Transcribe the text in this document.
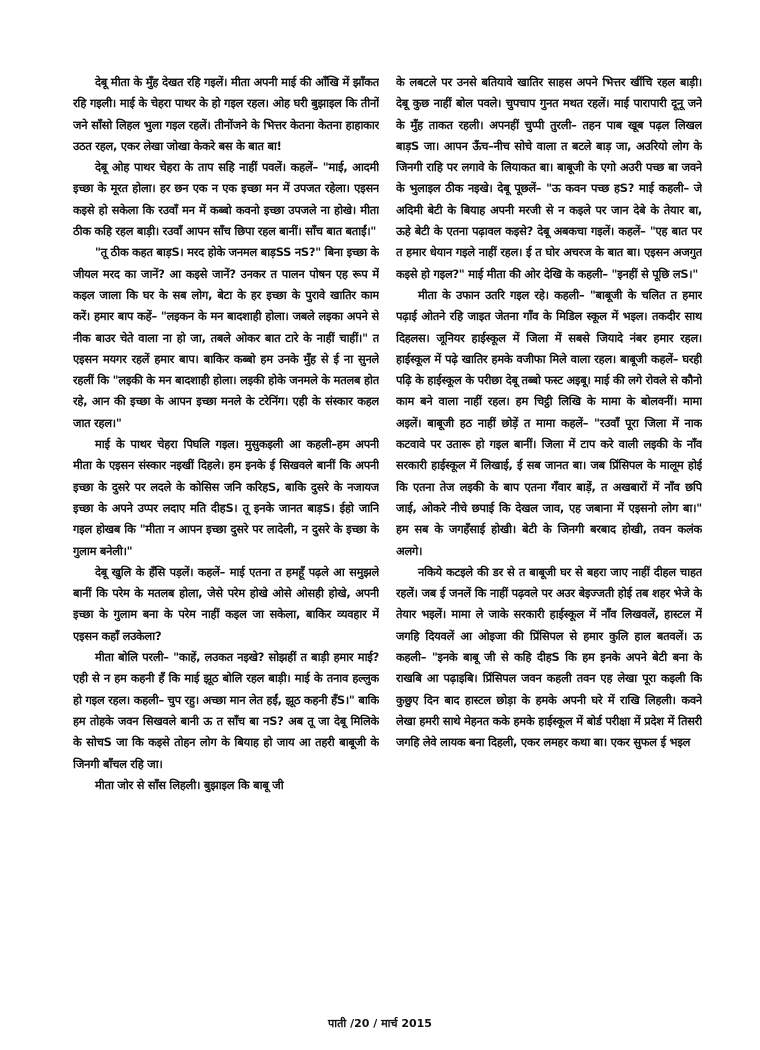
देबू मीता के मुँह देखत रहि गइलें। मीता अपनी माई की आँखि में झाँकत रहि गइली। माई के चेहरा पाथर के हो गइल रहल। ओह घरी बुझाइल कि तीनों जने साँसो लिहल भुला गइल रहलें। तीनोंजने के भित्तर केतना केतना हाहाकार उठत रहल, एकर लेखा जोखा केकरे बस के बात बा!

देबू ओह पाथर चेहरा के ताप सहि नाहीं पवलें। कहलें– "माई, आदमी इच्छा के मूरत होला। हर छन एक न एक इच्छा मन में उपजत रहेला। एइसन कइसे हो सकेला कि रउवाँ मन में कब्बो कवनो इच्छा उपजले ना होखे। मीता ठीक कहि रहल बाड़ी। रउवाँ आपन साँच छिपा रहल बानीं। साँच बात बताईं।"

"तू ठीक कहत बाड़S। मरद होके जनमल बाड़SS नS?" बिना इच्छा के जीयल मरद का जानें? आ कइसे जानें? उनकर त पालन पोषन एह रूप में कइल जाला कि घर के सब लोग, बेटा के हर इच्छा के पुरावे खातिर काम करें। हमार बाप कहें– "लइकन के मन बादशाही होला। जबले लइका अपने से नीक बाउर चेते वाला ना हो जा, तबले ओकर बात टारे के नाहीं चाहीं।" त एइसन मयगर रहलें हमार बाप। बाकिर कब्बो हम उनके मुँह से ई ना सुनले रहलीं कि "लइकी के मन बादशाही होला। लइकी होके जनमले के मतलब होत रहे, आन की इच्छा के आपन इच्छा मनले के टरेनिंग। एही के संस्कार कहल जात रहल।"

माई के पाथर चेहरा पिघलि गइल। मुसुकइली आ कहली–हम अपनी मीता के एइसन संस्कार नइखीं दिहले। हम इनके ई सिखवले बानीं कि अपनी इच्छा के दुसरे पर लदले के कोसिस जनि करिहS, बाकि दुसरे के नजायज इच्छा के अपने उप्पर लदाए मति दीहS। तू इनके जानत बाड़S। ईहो जानि गइल होखब कि "मीता न आपन इच्छा दुसरे पर लादेली, न दुसरे के इच्छा के गुलाम बनेली।"

देबू खुलि के हँसि पड़लें। कहलें– माई एतना त हमहूँ पढ़ले आ समुझले बानीं कि परेम के मतलब होला, जेसे परेम होखे ओसे ओसही होखे, अपनी इच्छा के गुलाम बना के परेम नाहीं कइल जा सकेला, बाकिर व्यवहार में एइसन कहाँ लउकेला?

मीता बोलि परली– "काहें, लउकत नइखे? सोझहीं त बाड़ी हमार माई? एही से न हम कहनी हँ कि माई झूठ बोलि रहल बाड़ी। माई के तनाव हल्लुक हो गइल रहल। कहली– चुप रहु। अच्छा मान लेत हईं, झूठ कहनी हँS।" बाकि हम तोहके जवन सिखवले बानी ऊ त साँच बा नS? अब तू जा देबू मिलिके के सोचS जा कि कइसे तोहन लोग के बियाह हो जाय आ तहरी बाबूजी के जिनगी बाँचल रहि जा।

मीता जोर से साँस लिहली। बुझाइल कि बाबू जी

के लबटले पर उनसे बतियावे खातिर साहस अपने भित्तर खींचि रहल बाड़ी। देबू कुछ नाहीं बोल पवले। चुपचाप गुनत मथत रहलें। माई पारापारी दूनू जने के मुँह ताकत रहली। अपनहीं चुप्पी तुरली– तहन पाब खूब पढ़ल लिखल बाड़S जा। आपन ऊँच–नीच सोचे वाला त बटले बाड़ जा, अउरियो लोग के जिनगी राहि पर लगावे के लियाकत बा। बाबूजी के एगो अउरी पच्छ बा जवने के भुलाइल ठीक नइखे। देबू पूछलें– "ऊ कवन पच्छ हS? माई कहली– जे अदिमी बेटी के बियाह अपनी मरजी से न कइले पर जान देबे के तेयार बा, ऊहे बेटी के एतना पढ़ावल कइसे? देबू अबकचा गइलें। कहलें– "एह बात पर त हमार धेयान गइले नाहीं रहल। ई त घोर अचरज के बात बा। एइसन अजगुत कइसे हो गइल?" माई मीता की ओर देखि के कहली– "इनहीं से पूछि लS।"

मीता के उफान उतरि गइल रहे। कहली– "बाबूजी के चलित त हमार पढ़ाई ओतने रहि जाइत जेतना गाँव के मिडिल स्कूल में भइल। तकदीर साथ दिहलस। जूनियर हाईस्कूल में जिला में सबसे जियादे नंबर हमार रहल। हाईस्कूल में पढ़े खातिर हमके वजीफा मिले वाला रहल। बाबूजी कहलें– घरही पढ़ि के हाईस्कूल के परीछा देबू तब्बो फस्ट अइबू। माई की लगे रोवले से कौनो काम बने वाला नाहीं रहल। हम चिट्ठी लिखि के मामा के बोलवनीं। मामा अइलें। बाबूजी हठ नाहीं छोड़ें त मामा कहलें– "रउवाँ पूरा जिला में नाक कटवावे पर उतारू हो गइल बानीं। जिला में टाप करे वाली लइकी के नाँव सरकारी हाईस्कूल में लिखाई, ई सब जानत बा। जब प्रिंसिपल के मालूम होई कि एतना तेज लइकी के बाप एतना गँवार बाड़ें, त अखबारों में नाँव छपि जाई, ओकरे नीचे छपाई कि देखल जाव, एह जबाना में एइसनो लोग बा।" हम सब के जगहँसाई होखी। बेटी के जिनगी बरबाद होखी, तवन कलंक अलगे।

नकिये कटइले की डर से त बाबूजी घर से बहरा जाए नाहीं दीहल चाहत रहलें। जब ई जनलें कि नाहीं पढ़वले पर अउर बेइज्जती होई तब शहर भेजे के तेयार भइलें। मामा ले जाके सरकारी हाईस्कूल में नाँव लिखवलें, हास्टल में जगहि दियवलें आ ओइजा की प्रिंसिपल से हमार कुलि हाल बतवलें। ऊ कहली– "इनके बाबू जी से कहि दीहS कि हम इनके अपने बेटी बना के राखबि आ पढ़ाइबि। प्रिंसिपल जवन कहली तवन एह लेखा पूरा कइली कि कुछुए दिन बाद हास्टल छोड़ा के हमके अपनी घरे में राखि लिहली। कवने लेखा हमरी साथे मेहनत कके हमके हाईस्कूल में बोर्ड परीक्षा में प्रदेश में तिसरी जगहि लेवे लायक बना दिहली, एकर लमहर कथा बा। एकर सुफल ई भइल

पाती /20 / मार्च 2015
